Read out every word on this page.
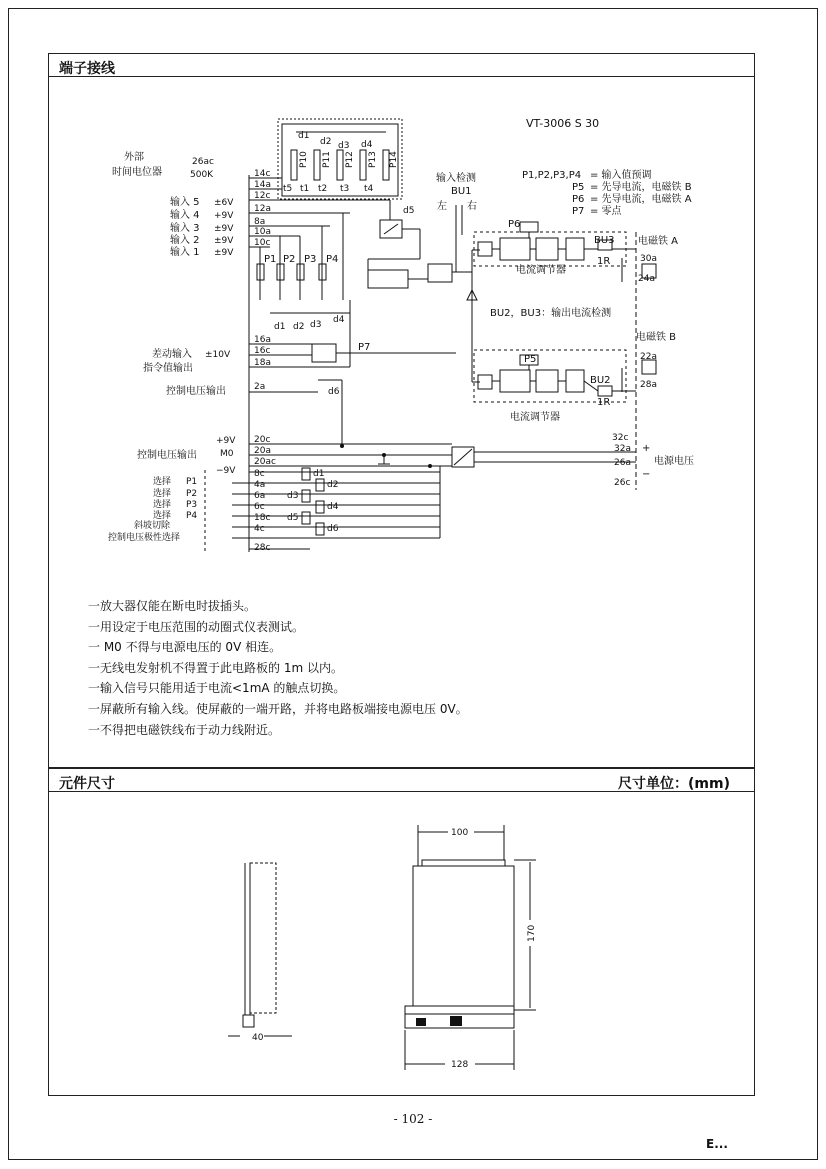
端子接线
元件尺寸	尺寸单位：(mm)
VT-3006 S 30
外部
时间电位器
26ac
500K
输入 5 ±6V
输入 4 +9V
输入 3 ±9V
输入 2 ±9V
输入 1 ±9V
14c
14a
12c
12a
8a
10a
10c
16a
16c
18a
2a
20c
20a
20ac
8c
4a
6a
6c
18c
4c
28c
t5 t1 t2 t3 t4
P10 P11 P12 P13 P14
d1
d2 d3 d4
d5
P1 P2 P3 P4
d1 d2 d3 d4
P7
输入检测
BU1
左 右
P1,P2,P3,P4 = 输入值预调
P5 = 先导电流，电磁铁 B
P6 = 先导电流，电磁铁 A
P7 = 零点
P6
P5
BU3
BU2
1R
1R
电流调节器
电流调节器
BU2，BU3：输出电流检测
电磁铁 A
电磁铁 B
30a
24a
22a
28a
32c
32a
26a
26c
+
−
电源电压
差动输入 ±10V
指令值输出
控制电压输出	d6
+9V
M0
控制电压输出
−9V
选择 P1
选择 P2
选择 P3
选择 P4
斜坡切除
控制电压极性选择
d1
d2
d3
d4
d5
d6
40
100
170
128
一放大器仅能在断电时拔插头。
一用设定于电压范围的动圈式仪表测试。
一 M0 不得与电源电压的 0V 相连。
一无线电发射机不得置于此电路板的 1m 以内。
一输入信号只能用适于电流<1mA 的触点切换。
一屏蔽所有输入线。使屏蔽的一端开路，并将电路板端接电源电压 0V。
一不得把电磁铁线布于动力线附近。
- 102 -
E...
